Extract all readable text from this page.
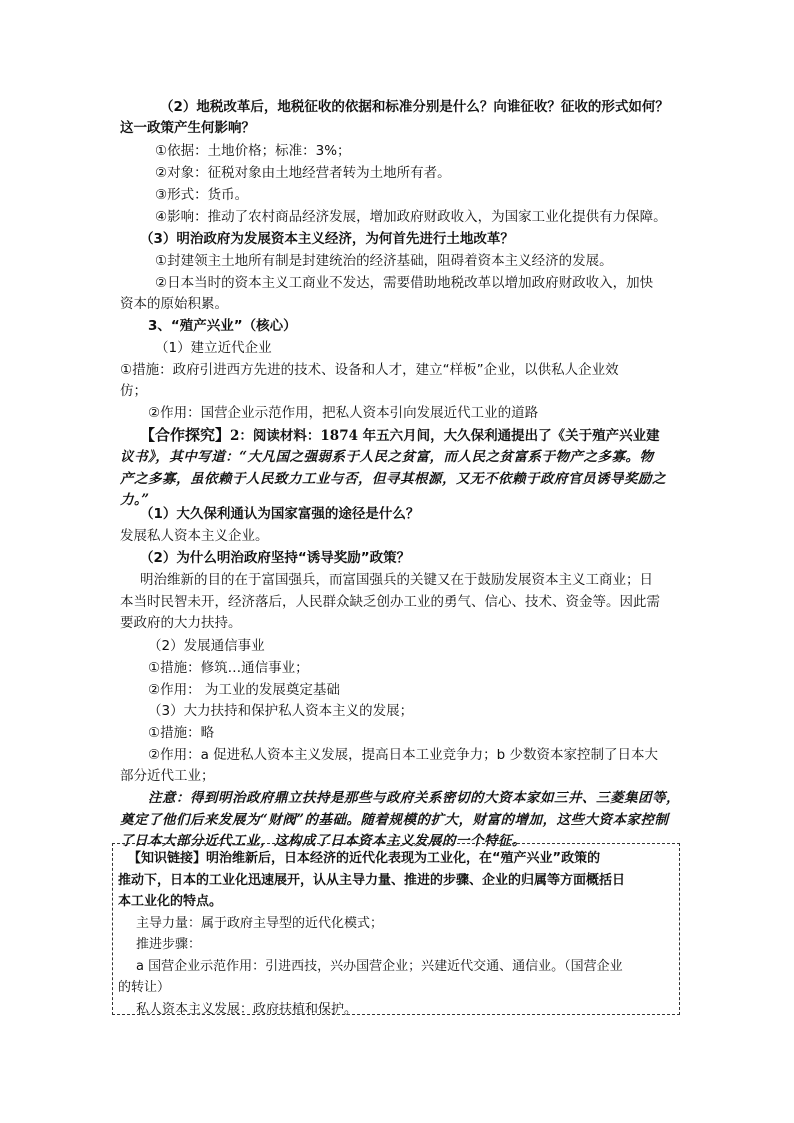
（2）地税改革后，地税征收的依据和标准分别是什么？向谁征收？征收的形式如何？
这一政策产生何影响？
①依据：土地价格；标准：3%；
②对象：征税对象由土地经营者转为土地所有者。
③形式：货币。
④影响：推动了农村商品经济发展，增加政府财政收入，为国家工业化提供有力保障。
（3）明治政府为发展资本主义经济，为何首先进行土地改革？
①封建领主土地所有制是封建统治的经济基础，阻碍着资本主义经济的发展。
②日本当时的资本主义工商业不发达，需要借助地税改革以增加政府财政收入，加快
资本的原始积累。
3、“殖产兴业”（核心）
（1）建立近代企业
①措施：政府引进西方先进的技术、设备和人才，建立“样板”企业，以供私人企业效
仿；
②作用：国营企业示范作用，把私人资本引向发展近代工业的道路
【合作探究】2：阅读材料：1874 年五六月间，大久保利通提出了《关于殖产兴业建
议书》，其中写道：“大凡国之强弱系于人民之贫富，而人民之贫富系于物产之多寡。物
产之多寡，虽依赖于人民致力工业与否，但寻其根源，又无不依赖于政府官员诱导奖励之
力。”
（1）大久保利通认为国家富强的途径是什么？
发展私人资本主义企业。
（2）为什么明治政府坚持“诱导奖励”政策？
明治维新的目的在于富国强兵，而富国强兵的关键又在于鼓励发展资本主义工商业；日
本当时民智未开，经济落后，人民群众缺乏创办工业的勇气、信心、技术、资金等。因此需
要政府的大力扶持。
（2）发展通信事业
①措施：修筑…通信事业；
②作用： 为工业的发展奠定基础
（3）大力扶持和保护私人资本主义的发展；
①措施：略
②作用：a 促进私人资本主义发展，提高日本工业竞争力；b 少数资本家控制了日本大
部分近代工业；
注意：得到明治政府鼎立扶持是那些与政府关系密切的大资本家如三井、三菱集团等，
奠定了他们后来发展为“财阀”的基础。随着规模的扩大，财富的增加，这些大资本家控制
了日本大部分近代工业，这构成了日本资本主义发展的一个特征。
【知识链接】明治维新后，日本经济的近代化表现为工业化，在“殖产兴业”政策的
推动下，日本的工业化迅速展开，认从主导力量、推进的步骤、企业的归属等方面概括日
本工业化的特点。
主导力量：属于政府主导型的近代化模式；
推进步骤：
a 国营企业示范作用：引进西技，兴办国营企业；兴建近代交通、通信业。（国营企业
的转让）
私人资本主义发展：政府扶植和保护。
